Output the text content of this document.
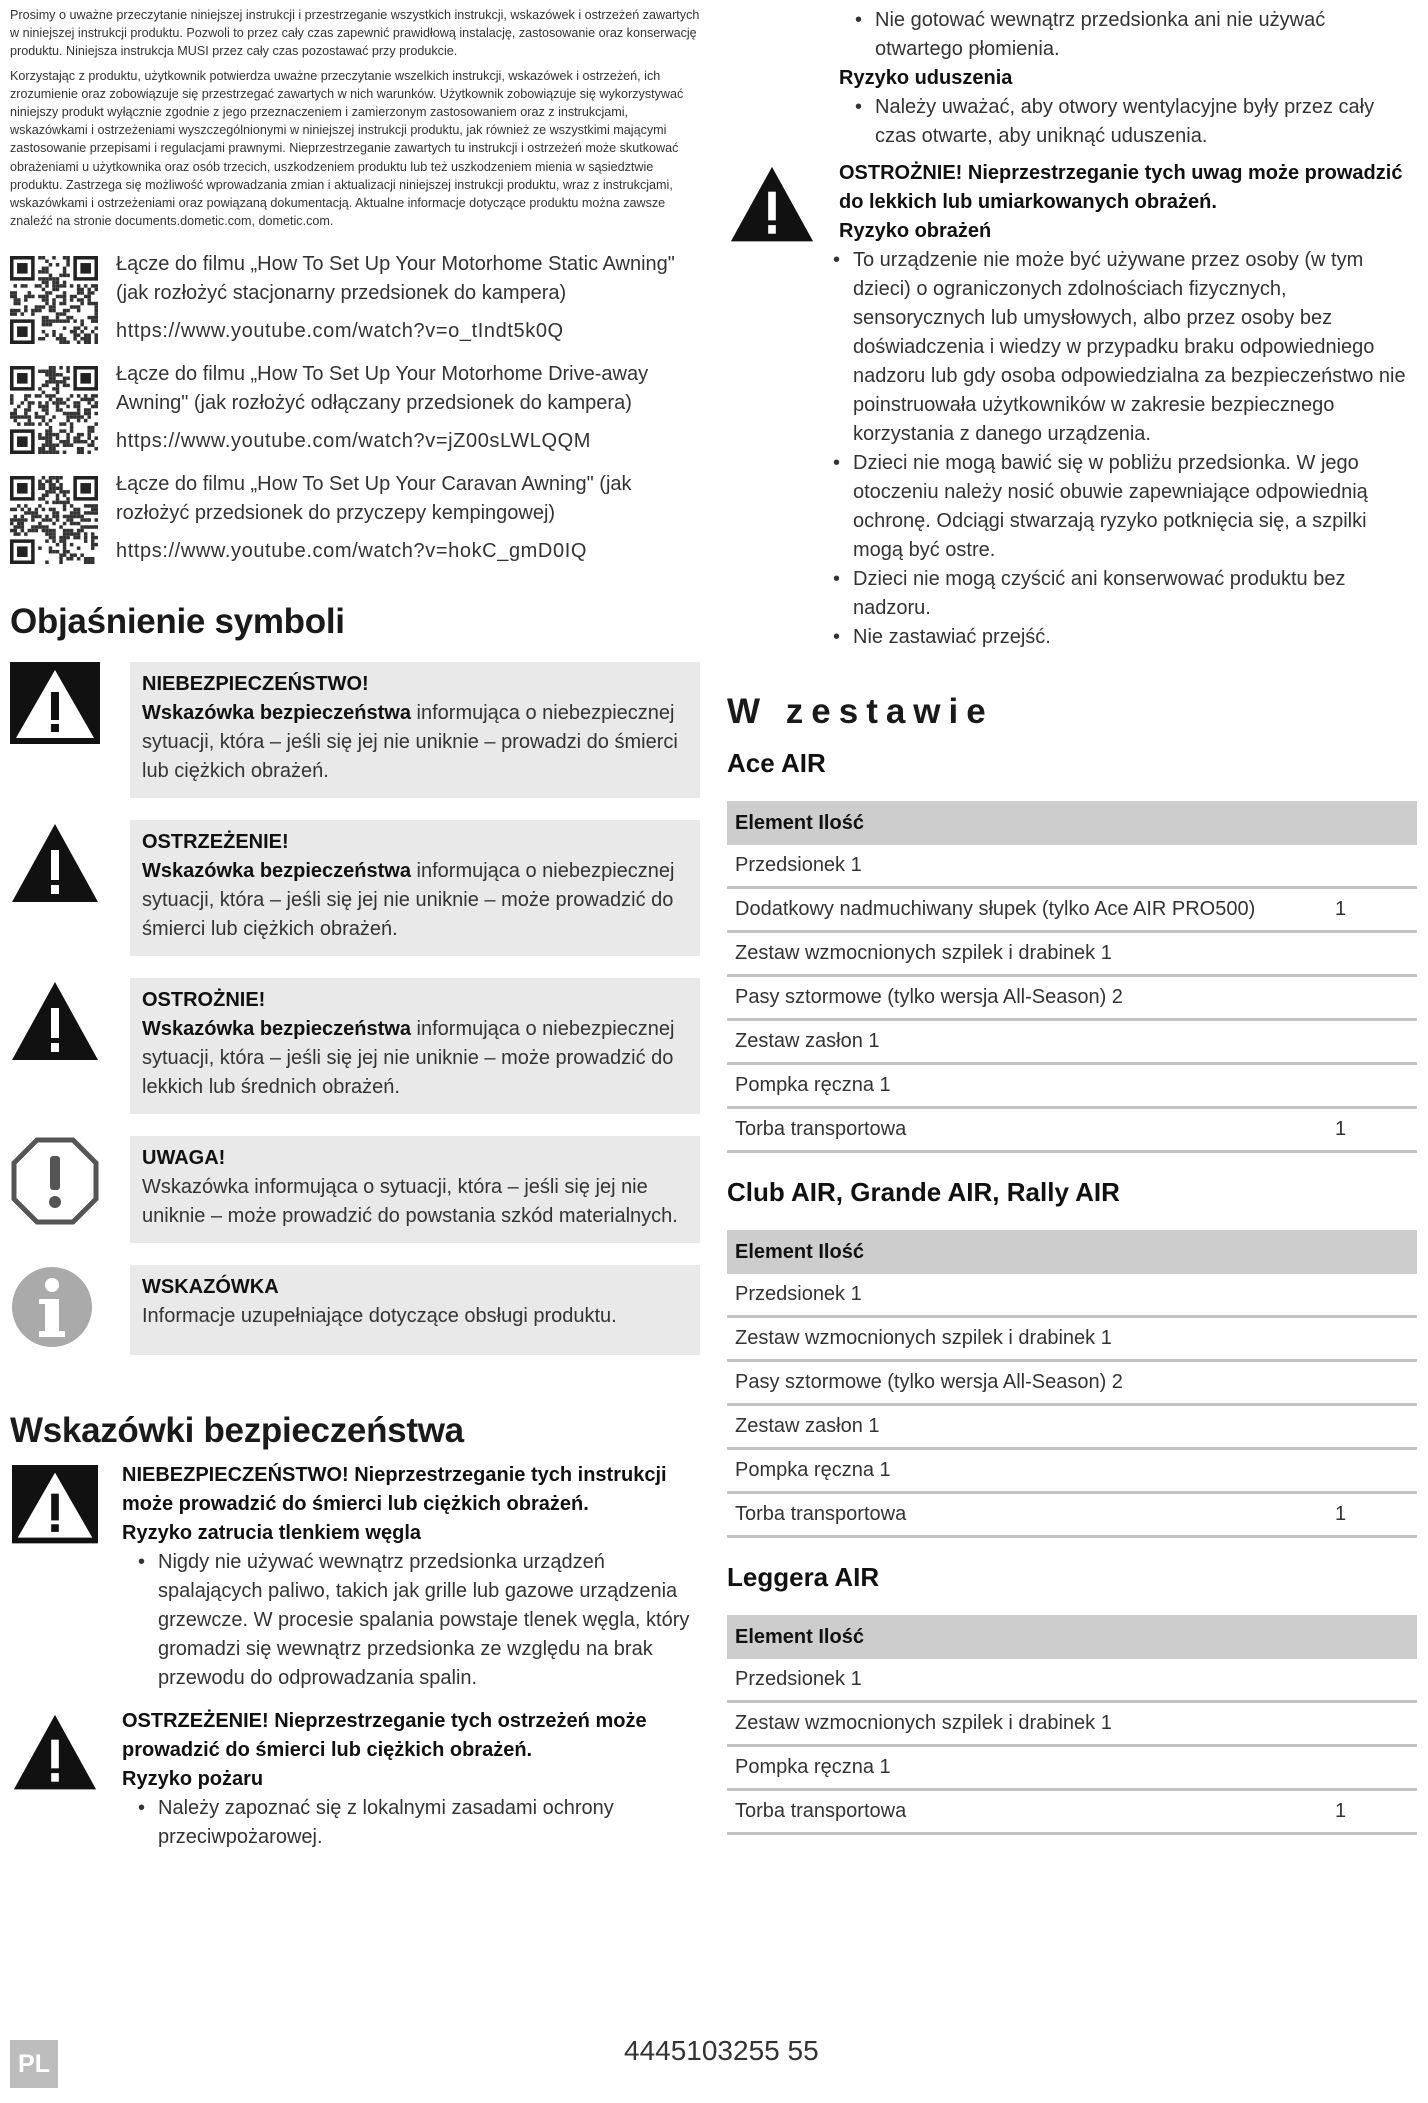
Prosimy o uważne przeczytanie niniejszej instrukcji i przestrzeganie wszystkich instrukcji, wskazówek i ostrzeżeń zawartych w niniejszej instrukcji produktu. Pozwoli to przez cały czas zapewnić prawidłową instalację, zastosowanie oraz konserwację produktu. Niniejsza instrukcja MUSI przez cały czas pozostawać przy produkcie.

Korzystając z produktu, użytkownik potwierdza uważne przeczytanie wszelkich instrukcji, wskazówek i ostrzeżeń, ich zrozumienie oraz zobowiązuje się przestrzegać zawartych w nich warunków. Użytkownik zobowiązuje się wykorzystywać niniejszy produkt wyłącznie zgodnie z jego przeznaczeniem i zamierzonym zastosowaniem oraz z instrukcjami, wskazówkami i ostrzeżeniami wyszczególnionymi w niniejszej instrukcji produktu, jak również ze wszystkimi mającymi zastosowanie przepisami i regulacjami prawnymi. Nieprzestrzeganie zawartych tu instrukcji i ostrzeżeń może skutkować obrażeniami u użytkownika oraz osób trzecich, uszkodzeniem produktu lub też uszkodzeniem mienia w sąsiedztwie produktu. Zastrzega się możliwość wprowadzania zmian i aktualizacji niniejszej instrukcji produktu, wraz z instrukcjami, wskazówkami i ostrzeżeniami oraz powiązaną dokumentacją. Aktualne informacje dotyczące produktu można zawsze znaleźć na stronie documents.dometic.com, dometic.com.

Łącze do filmu „How To Set Up Your Motorhome Static Awning" (jak rozłożyć stacjonarny przedsionek do kampera)
https://www.youtube.com/watch?v=o_tIndt5k0Q
Łącze do filmu „How To Set Up Your Motorhome Drive-away Awning" (jak rozłożyć odłączany przedsionek do kampera)
https://www.youtube.com/watch?v=jZ00sLWLQQM
Łącze do filmu „How To Set Up Your Caravan Awning" (jak rozłożyć przedsionek do przyczepy kempingowej)
https://www.youtube.com/watch?v=hokC_gmD0IQ
Objaśnienie symboli
NIEBEZPIECZEŃSTWO!
Wskazówka bezpieczeństwa informująca o niebezpiecznej sytuacji, która – jeśli się jej nie uniknie – prowadzi do śmierci lub ciężkich obrażeń.
OSTRZEŻENIE!
Wskazówka bezpieczeństwa informująca o niebezpiecznej sytuacji, która – jeśli się jej nie uniknie – może prowadzić do śmierci lub ciężkich obrażeń.
OSTROŻNIE!
Wskazówka bezpieczeństwa informująca o niebezpiecznej sytuacji, która – jeśli się jej nie uniknie – może prowadzić do lekkich lub średnich obrażeń.
UWAGA!
Wskazówka informująca o sytuacji, która – jeśli się jej nie uniknie – może prowadzić do powstania szkód materialnych.
WSKAZÓWKA
Informacje uzupełniające dotyczące obsługi produktu.
Wskazówki bezpieczeństwa
NIEBEZPIECZEŃSTWO! Nieprzestrzeganie tych instrukcji może prowadzić do śmierci lub ciężkich obrażeń.
Ryzyko zatrucia tlenkiem węgla
• Nigdy nie używać wewnątrz przedsionka urządzeń spalających paliwo, takich jak grille lub gazowe urządzenia grzewcze. W procesie spalania powstaje tlenek węgla, który gromadzi się wewnątrz przedsionka ze względu na brak przewodu do odprowadzania spalin.
OSTRZEŻENIE! Nieprzestrzeganie tych ostrzeżeń może prowadzić do śmierci lub ciężkich obrażeń.
Ryzyko pożaru
• Należy zapoznać się z lokalnymi zasadami ochrony przeciwpożarowej.
• Nie gotować wewnątrz przedsionka ani nie używać otwartego płomienia.
Ryzyko uduszenia
• Należy uważać, aby otwory wentylacyjne były przez cały czas otwarte, aby uniknąć uduszenia.
OSTROŻNIE! Nieprzestrzeganie tych uwag może prowadzić do lekkich lub umiarkowanych obrażeń.
Ryzyko obrażeń
• To urządzenie nie może być używane przez osoby (w tym dzieci) o ograniczonych zdolnościach fizycznych, sensorycznych lub umysłowych, albo przez osoby bez doświadczenia i wiedzy w przypadku braku odpowiedniego nadzoru lub gdy osoba odpowiedzialna za bezpieczeństwo nie poinstruowała użytkowników w zakresie bezpiecznego korzystania z danego urządzenia.
• Dzieci nie mogą bawić się w pobliżu przedsionka. W jego otoczeniu należy nosić obuwie zapewniające odpowiednią ochronę. Odciągi stwarzają ryzyko potknięcia się, a szpilki mogą być ostre.
• Dzieci nie mogą czyścić ani konserwować produktu bez nadzoru.
• Nie zastawiać przejść.
W zestawie
Ace AIR
Element Ilość	
Przedsionek 1	
Dodatkowy nadmuchiwany słupek (tylko Ace AIR PRO500)	1
Zestaw wzmocnionych szpilek i drabinek 1	
Pasy sztormowe (tylko wersja All-Season) 2	
Zestaw zasłon 1	
Pompka ręczna 1	
Torba transportowa	1
Club AIR, Grande AIR, Rally AIR
Element Ilość
Przedsionek 1
Zestaw wzmocnionych szpilek i drabinek 1
Pasy sztormowe (tylko wersja All-Season) 2
Zestaw zasłon 1
Pompka ręczna 1
Torba transportowa	1
Leggera AIR
Element Ilość
Przedsionek 1
Zestaw wzmocnionych szpilek i drabinek 1
Pompka ręczna 1
Torba transportowa	1
PL	4445103255 55
